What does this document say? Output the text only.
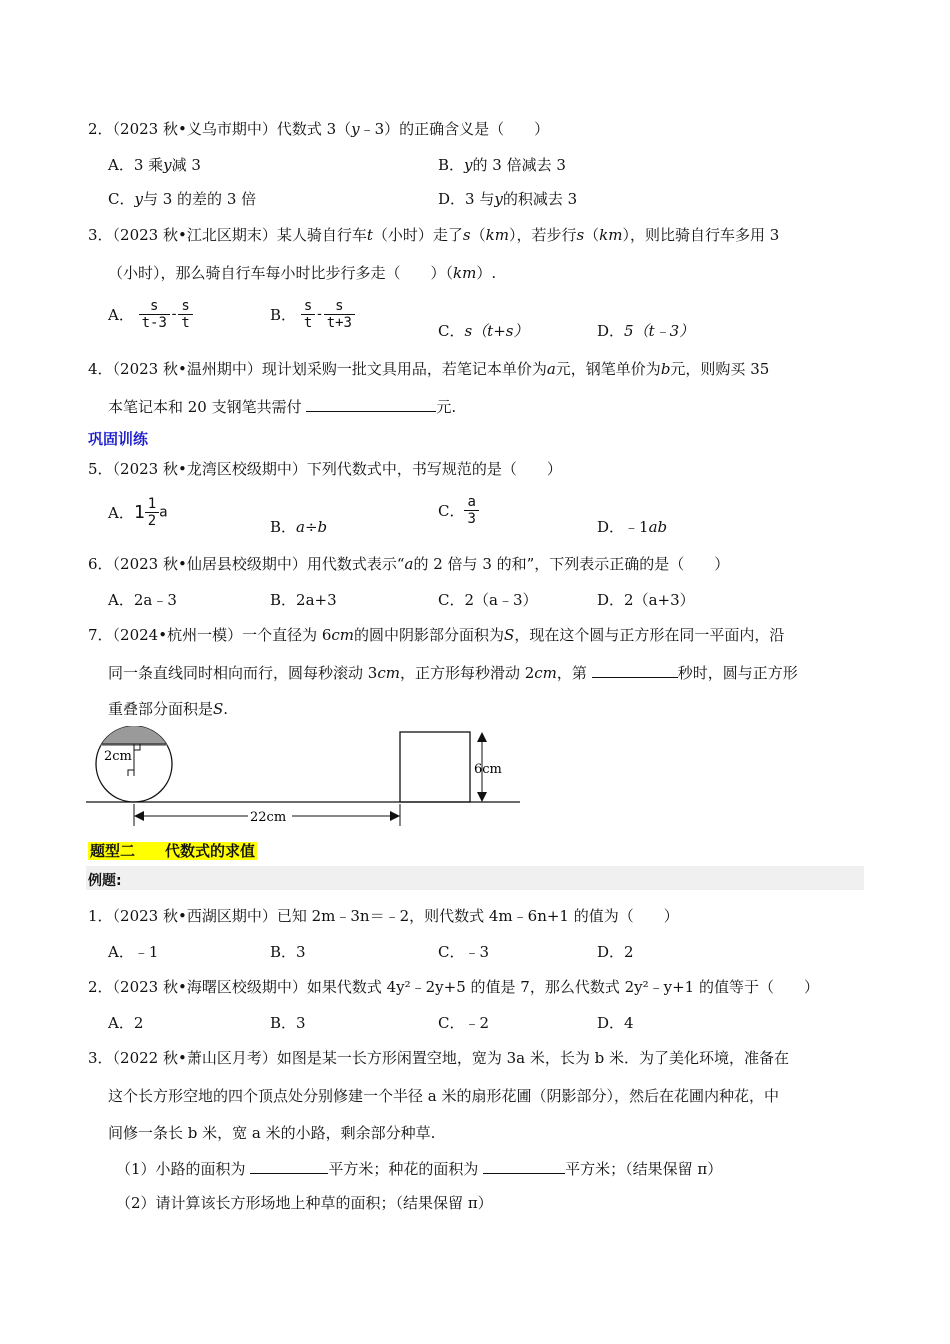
2．（2023 秋•义乌市期中）代数式 3（y﹣3）的正确含义是（　　）
A．3 乘y减 3	B．y的 3 倍减去 3
C．y与 3 的差的 3 倍	D．3 与y的积减去 3
3．（2023 秋•江北区期末）某人骑自行车t（小时）走了s（km），若步行s（km），则比骑自行车多用 3
（小时），那么骑自行车每小时比步行多走（　　）（km）.
A． $\frac{s}{t-3} - \frac{s}{t}$	B． $\frac{s}{t} - \frac{s}{t+3}$	C．s（t+s）	D．5（t﹣3）
4．（2023 秋•温州期中）现计划采购一批文具用品，若笔记本单价为a元，钢笔单价为b元，则购买 35
本笔记本和 20 支钢笔共需付	元.
巩固训练
5．（2023 秋•龙湾区校级期中）下列代数式中，书写规范的是（　　）
A．$1 \frac{1}{2}$ a
B．a÷b
C． $\frac{a}{3}$	D．﹣1ab
6．（2023 秋•仙居县校级期中）用代数式表示“a的 2 倍与 3 的和”，下列表示正确的是（　　）
A．2a﹣3	B．2a+3	C．2（a﹣3）	D．2（a+3）
7．（2024•杭州一模）一个直径为 6cm的圆中阴影部分面积为S，现在这个圆与正方形在同一平面内，沿
同一条直线同时相向而行，圆每秒滚动 3cm，正方形每秒滑动 2cm，第	秒时，圆与正方形
重叠部分面积是S.
2cm
6cm
22cm
题型二　　代数式的求值
例题:
1．（2023 秋•西湖区期中）已知 2m﹣3n＝﹣2，则代数式 4m﹣6n+1 的值为（　　）
A．﹣1	B．3	C．﹣3	D．2
2．（2023 秋•海曙区校级期中）如果代数式 4y²﹣2y+5 的值是 7，那么代数式 2y²﹣y+1 的值等于（　　）
A．2	B．3	C．﹣2	D．4
3．（2022 秋•萧山区月考）如图是某一长方形闲置空地，宽为 3a 米，长为 b 米．为了美化环境，准备在
这个长方形空地的四个顶点处分别修建一个半径 a 米的扇形花圃（阴影部分），然后在花圃内种花，中
间修一条长 b 米，宽 a 米的小路，剩余部分种草.
（1）小路的面积为	平方米；种花的面积为	平方米；（结果保留 π）
（2）请计算该长方形场地上种草的面积；（结果保留 π）
